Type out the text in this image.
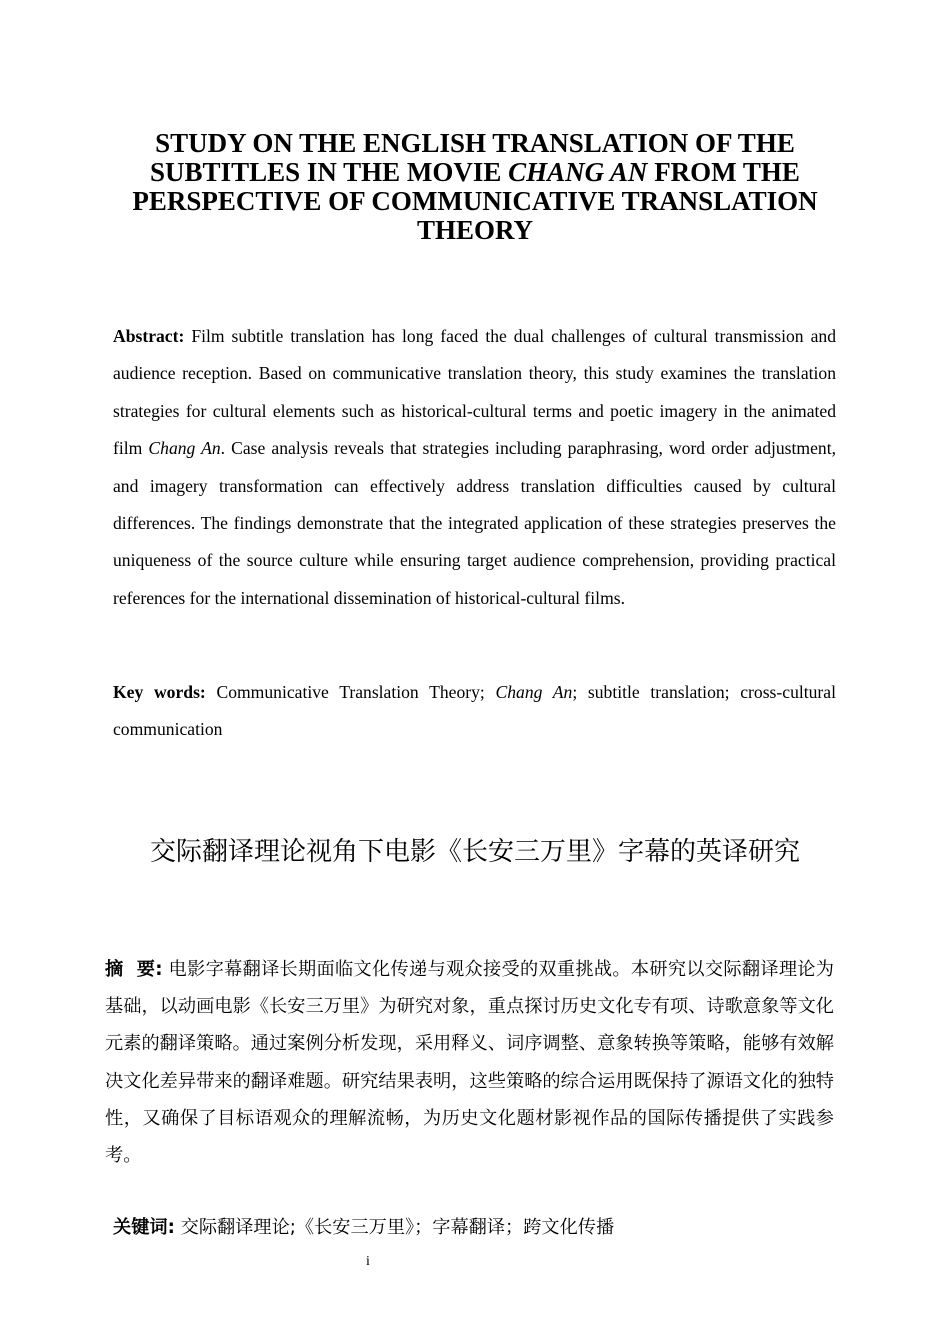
STUDY ON THE ENGLISH TRANSLATION OF THE SUBTITLES IN THE MOVIE CHANG AN FROM THE PERSPECTIVE OF COMMUNICATIVE TRANSLATION THEORY

Abstract: Film subtitle translation has long faced the dual challenges of cultural transmission and audience reception. Based on communicative translation theory, this study examines the translation strategies for cultural elements such as historical-cultural terms and poetic imagery in the animated film Chang An. Case analysis reveals that strategies including paraphrasing, word order adjustment, and imagery transformation can effectively address translation difficulties caused by cultural differences. The findings demonstrate that the integrated application of these strategies preserves the uniqueness of the source culture while ensuring target audience comprehension, providing practical references for the international dissemination of historical-cultural films.

Key words: Communicative Translation Theory; Chang An; subtitle translation; cross-cultural communication

交际翻译理论视角下电影《长安三万里》字幕的英译研究

摘  要: 电影字幕翻译长期面临文化传递与观众接受的双重挑战。本研究以交际翻译理论为基础，以动画电影《长安三万里》为研究对象，重点探讨历史文化专有项、诗歌意象等文化元素的翻译策略。通过案例分析发现，采用释义、词序调整、意象转换等策略，能够有效解决文化差异带来的翻译难题。研究结果表明，这些策略的综合运用既保持了源语文化的独特性，又确保了目标语观众的理解流畅，为历史文化题材影视作品的国际传播提供了实践参考。

关键词: 交际翻译理论;《长安三万里》；字幕翻译；跨文化传播

i
